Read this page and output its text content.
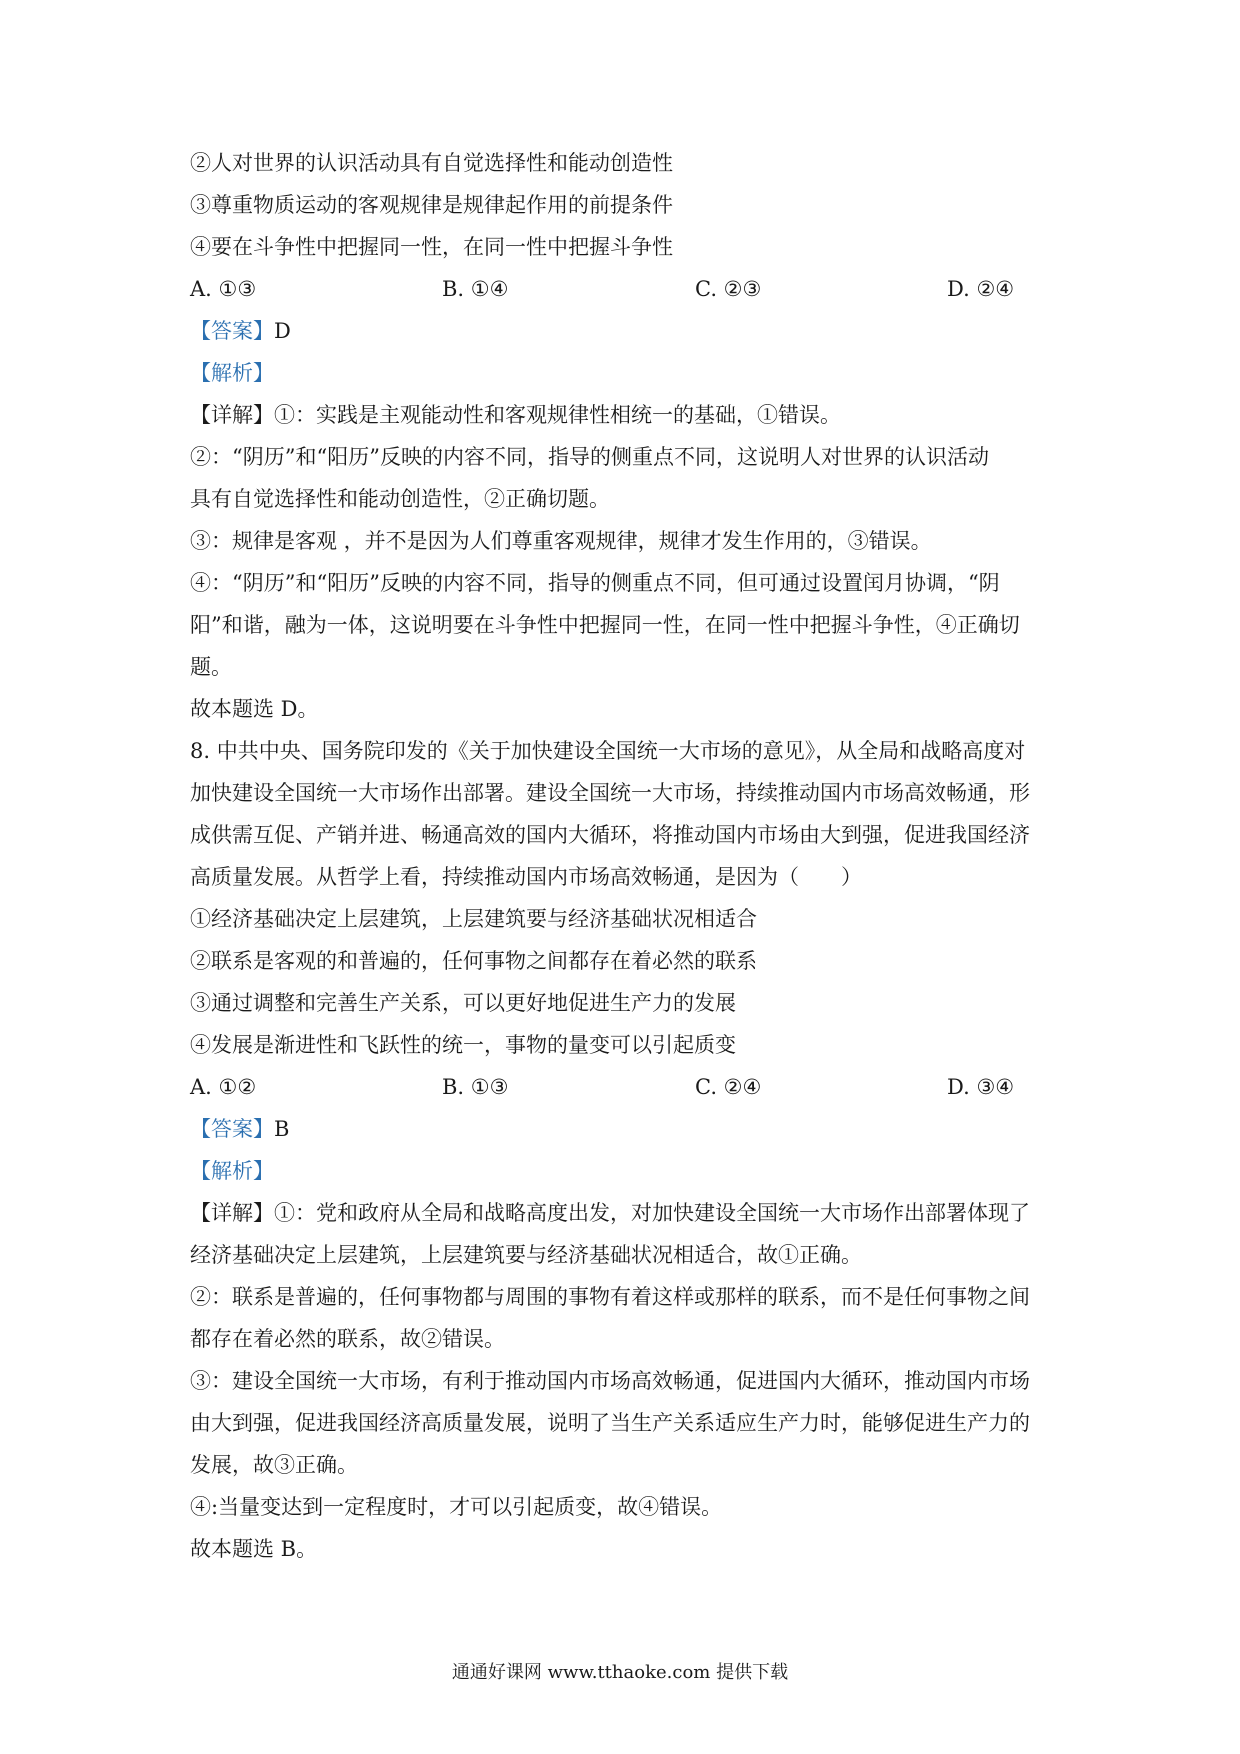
②人对世界的认识活动具有自觉选择性和能动创造性
③尊重物质运动的客观规律是规律起作用的前提条件
④要在斗争性中把握同一性，在同一性中把握斗争性
A. ①③	B. ①④	C. ②③	D. ②④
【答案】D
【解析】
【详解】①：实践是主观能动性和客观规律性相统一的基础，①错误。
②：“阴历”和“阳历”反映的内容不同，指导的侧重点不同，这说明人对世界的认识活动
具有自觉选择性和能动创造性，②正确切题。
③：规律是客观 ，并不是因为人们尊重客观规律，规律才发生作用的，③错误。
④：“阴历”和“阳历”反映的内容不同，指导的侧重点不同，但可通过设置闰月协调，“阴
阳”和谐，融为一体，这说明要在斗争性中把握同一性，在同一性中把握斗争性，④正确切
题。
故本题选 D。
8. 中共中央、国务院印发的《关于加快建设全国统一大市场的意见》，从全局和战略高度对
加快建设全国统一大市场作出部署。建设全国统一大市场，持续推动国内市场高效畅通，形
成供需互促、产销并进、畅通高效的国内大循环，将推动国内市场由大到强，促进我国经济
高质量发展。从哲学上看，持续推动国内市场高效畅通，是因为（　　）
①经济基础决定上层建筑，上层建筑要与经济基础状况相适合
②联系是客观的和普遍的，任何事物之间都存在着必然的联系
③通过调整和完善生产关系，可以更好地促进生产力的发展
④发展是渐进性和飞跃性的统一，事物的量变可以引起质变
A. ①②	B. ①③	C. ②④	D. ③④
【答案】B
【解析】
【详解】①：党和政府从全局和战略高度出发，对加快建设全国统一大市场作出部署体现了
经济基础决定上层建筑，上层建筑要与经济基础状况相适合，故①正确。
②：联系是普遍的，任何事物都与周围的事物有着这样或那样的联系，而不是任何事物之间
都存在着必然的联系，故②错误。
③：建设全国统一大市场，有利于推动国内市场高效畅通，促进国内大循环，推动国内市场
由大到强，促进我国经济高质量发展，说明了当生产关系适应生产力时，能够促进生产力的
发展，故③正确。
④:当量变达到一定程度时，才可以引起质变，故④错误。
故本题选 B。
通通好课网 www.tthaoke.com 提供下载
